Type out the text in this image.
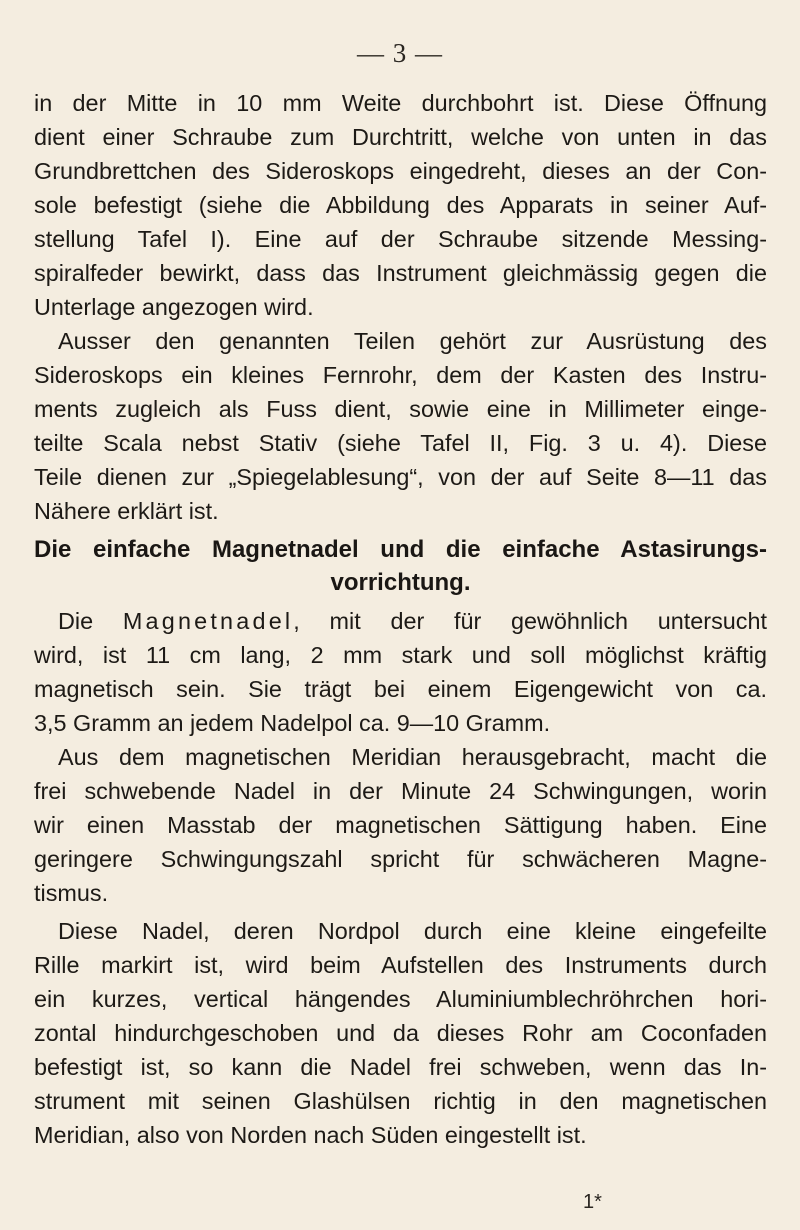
— 3 —
in der Mitte in 10 mm Weite durchbohrt ist. Diese Öffnung
dient einer Schraube zum Durchtritt, welche von unten in das
Grundbrettchen des Sideroskops eingedreht, dieses an der Con-
sole befestigt (siehe die Abbildung des Apparats in seiner Auf-
stellung Tafel I). Eine auf der Schraube sitzende Messing-
spiralfeder bewirkt, dass das Instrument gleichmässig gegen die
Unterlage angezogen wird.
Ausser den genannten Teilen gehört zur Ausrüstung des
Sideroskops ein kleines Fernrohr, dem der Kasten des Instru-
ments zugleich als Fuss dient, sowie eine in Millimeter einge-
teilte Scala nebst Stativ (siehe Tafel II, Fig. 3 u. 4). Diese
Teile dienen zur „Spiegelablesung“, von der auf Seite 8—11 das
Nähere erklärt ist.
Die einfache Magnetnadel und die einfache Astasirungs-
vorrichtung.
Die Magnetnadel, mit der für gewöhnlich untersucht
wird, ist 11 cm lang, 2 mm stark und soll möglichst kräftig
magnetisch sein. Sie trägt bei einem Eigengewicht von ca.
3,5 Gramm an jedem Nadelpol ca. 9—10 Gramm.
Aus dem magnetischen Meridian herausgebracht, macht die
frei schwebende Nadel in der Minute 24 Schwingungen, worin
wir einen Masstab der magnetischen Sättigung haben. Eine
geringere Schwingungszahl spricht für schwächeren Magne-
tismus.
Diese Nadel, deren Nordpol durch eine kleine eingefeilte
Rille markirt ist, wird beim Aufstellen des Instruments durch
ein kurzes, vertical hängendes Aluminiumblechröhrchen hori-
zontal hindurchgeschoben und da dieses Rohr am Coconfaden
befestigt ist, so kann die Nadel frei schweben, wenn das In-
strument mit seinen Glashülsen richtig in den magnetischen
Meridian, also von Norden nach Süden eingestellt ist.
1*
